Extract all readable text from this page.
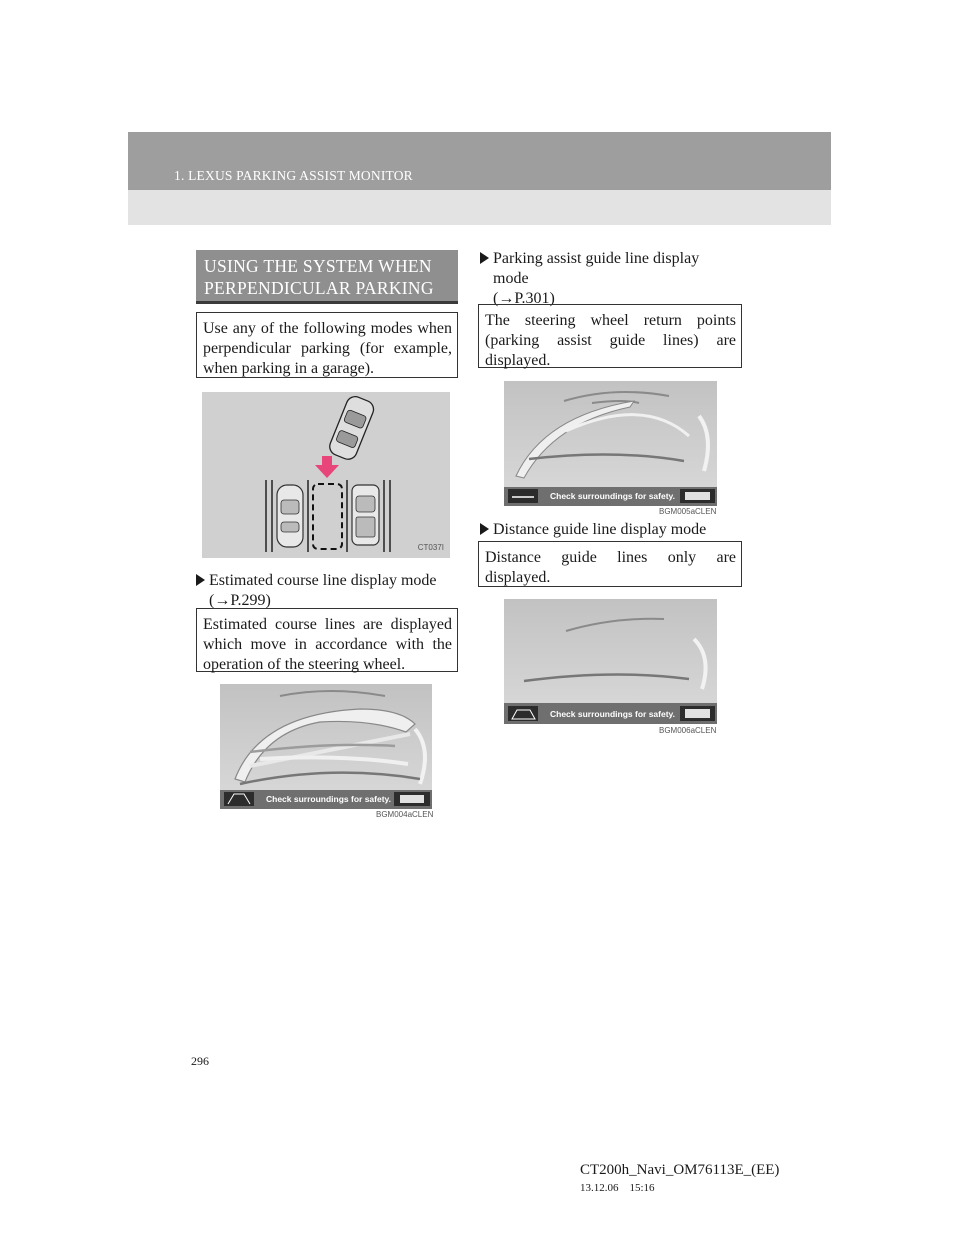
1. LEXUS PARKING ASSIST MONITOR
USING THE SYSTEM WHEN
PERPENDICULAR PARKING
Use any of the following modes when perpendicular parking (for example, when parking in a garage).
CT037I
Estimated course line display mode
(→P.299)
Estimated course lines are displayed which move in accordance with the operation of the steering wheel.
Check surroundings for safety.
BGM004aCLEN
Parking assist guide line display
mode
(→P.301)
The steering wheel return points (parking assist guide lines) are displayed.
Check surroundings for safety.
BGM005aCLEN
Distance guide line display mode
Distance guide lines only are displayed.
Check surroundings for safety.
BGM006aCLEN
296
CT200h_Navi_OM76113E_(EE)
13.12.06 15:16
